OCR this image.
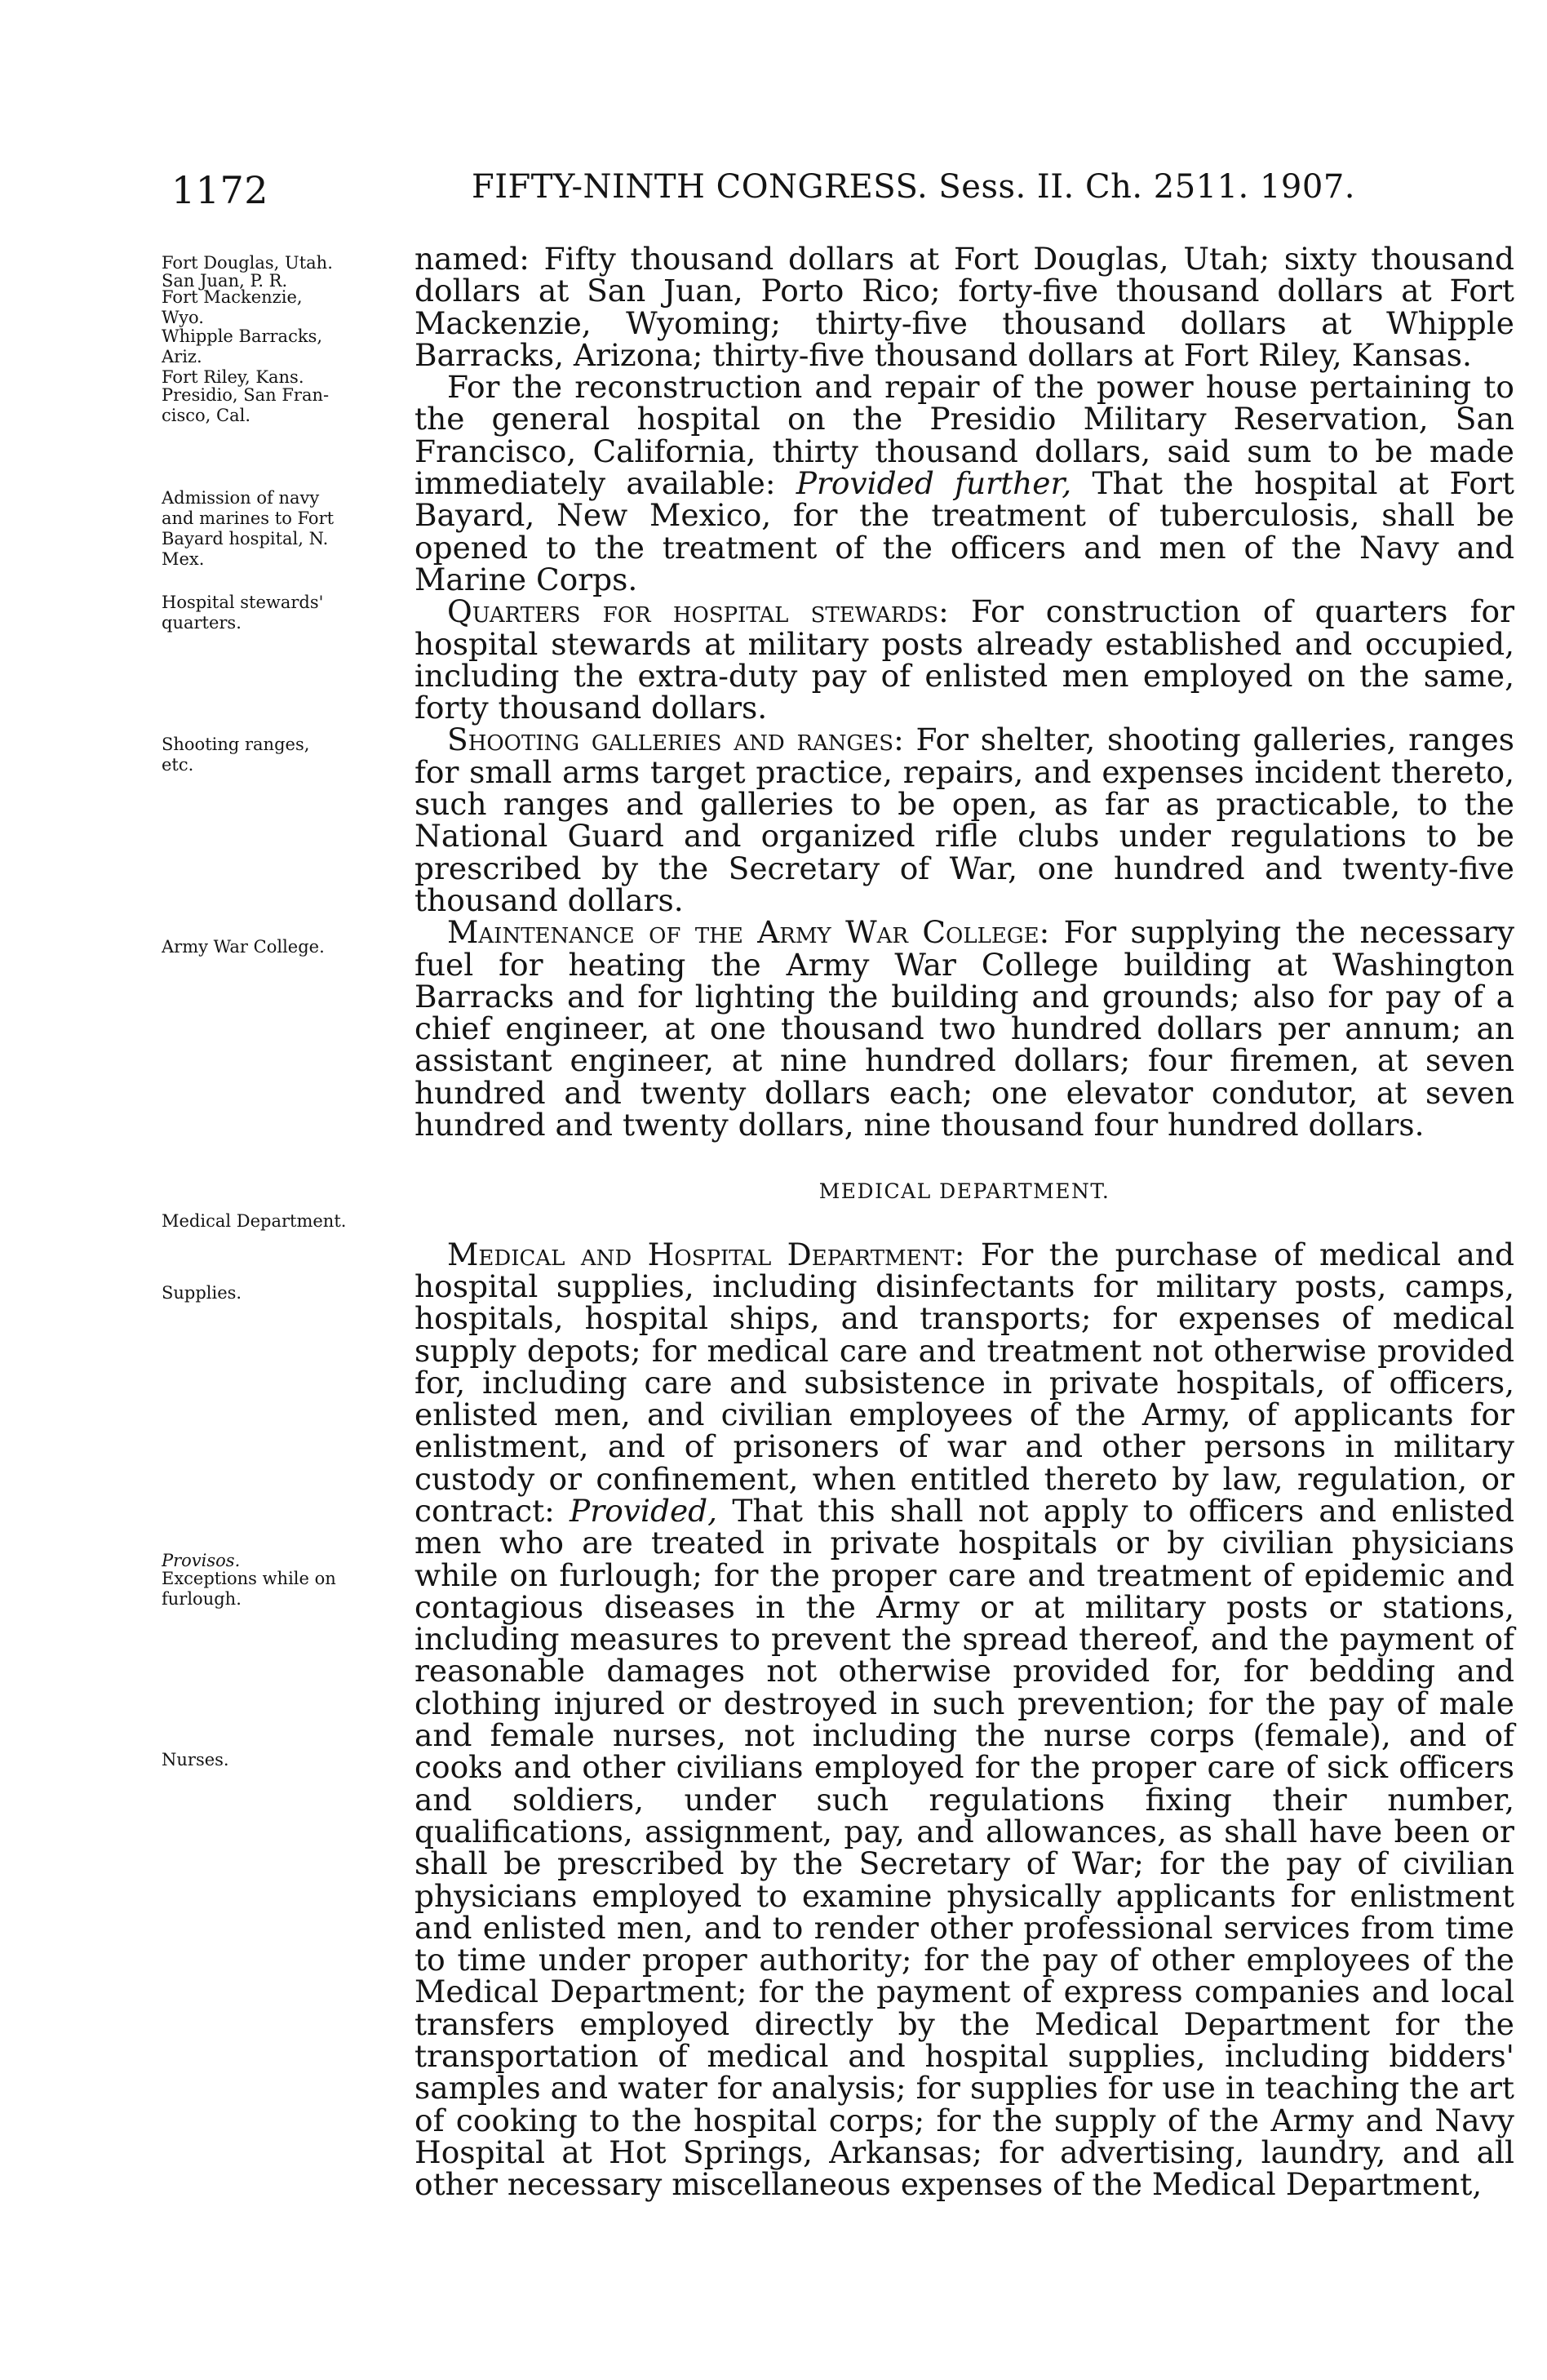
1172	FIFTY-NINTH CONGRESS. Sess. II. Ch. 2511. 1907.
Fort Douglas, Utah.
San Juan, P. R.
Fort Mackenzie,
Wyo.
Whipple Barracks,
Ariz.
Fort Riley, Kans.
Presidio, San Fran-
cisco, Cal.
Admission of navy
and marines to Fort
Bayard hospital, N.
Mex.
Hospital stewards'
quarters.
Shooting ranges,
etc.
Army War College.
Medical Department.
Supplies.
Provisos.
Exceptions while on
furlough.
Nurses.

named: Fifty thousand dollars at Fort Douglas, Utah; sixty thousand dollars at San Juan, Porto Rico; forty-five thousand dollars at Fort Mackenzie, Wyoming; thirty-five thousand dollars at Whipple Barracks, Arizona; thirty-five thousand dollars at Fort Riley, Kansas.

For the reconstruction and repair of the power house pertaining to the general hospital on the Presidio Military Reservation, San Francisco, California, thirty thousand dollars, said sum to be made immediately available: Provided further, That the hospital at Fort Bayard, New Mexico, for the treatment of tuberculosis, shall be opened to the treatment of the officers and men of the Navy and Marine Corps.

Quarters for hospital stewards: For construction of quarters for hospital stewards at military posts already established and occupied, including the extra-duty pay of enlisted men employed on the same, forty thousand dollars.

Shooting galleries and ranges: For shelter, shooting galleries, ranges for small arms target practice, repairs, and expenses incident thereto, such ranges and galleries to be open, as far as practicable, to the National Guard and organized rifle clubs under regulations to be prescribed by the Secretary of War, one hundred and twenty-five thousand dollars.

Maintenance of the Army War College: For supplying the necessary fuel for heating the Army War College building at Washington Barracks and for lighting the building and grounds; also for pay of a chief engineer, at one thousand two hundred dollars per annum; an assistant engineer, at nine hundred dollars; four firemen, at seven hundred and twenty dollars each; one elevator condutor, at seven hundred and twenty dollars, nine thousand four hundred dollars.

MEDICAL DEPARTMENT.

Medical and Hospital Department: For the purchase of medical and hospital supplies, including disinfectants for military posts, camps, hospitals, hospital ships, and transports; for expenses of medical supply depots; for medical care and treatment not otherwise provided for, including care and subsistence in private hospitals, of officers, enlisted men, and civilian employees of the Army, of applicants for enlistment, and of prisoners of war and other persons in military custody or confinement, when entitled thereto by law, regulation, or contract: Provided, That this shall not apply to officers and enlisted men who are treated in private hospitals or by civilian physicians while on furlough; for the proper care and treatment of epidemic and contagious diseases in the Army or at military posts or stations, including measures to prevent the spread thereof, and the payment of reasonable damages not otherwise provided for, for bedding and clothing injured or destroyed in such prevention; for the pay of male and female nurses, not including the nurse corps (female), and of cooks and other civilians employed for the proper care of sick officers and soldiers, under such regulations fixing their number, qualifications, assignment, pay, and allowances, as shall have been or shall be prescribed by the Secretary of War; for the pay of civilian physicians employed to examine physically applicants for enlistment and enlisted men, and to render other professional services from time to time under proper authority; for the pay of other employees of the Medical Department; for the payment of express companies and local transfers employed directly by the Medical Department for the transportation of medical and hospital supplies, including bidders' samples and water for analysis; for supplies for use in teaching the art of cooking to the hospital corps; for the supply of the Army and Navy Hospital at Hot Springs, Arkansas; for advertising, laundry, and all other necessary miscellaneous expenses of the Medical Department,
